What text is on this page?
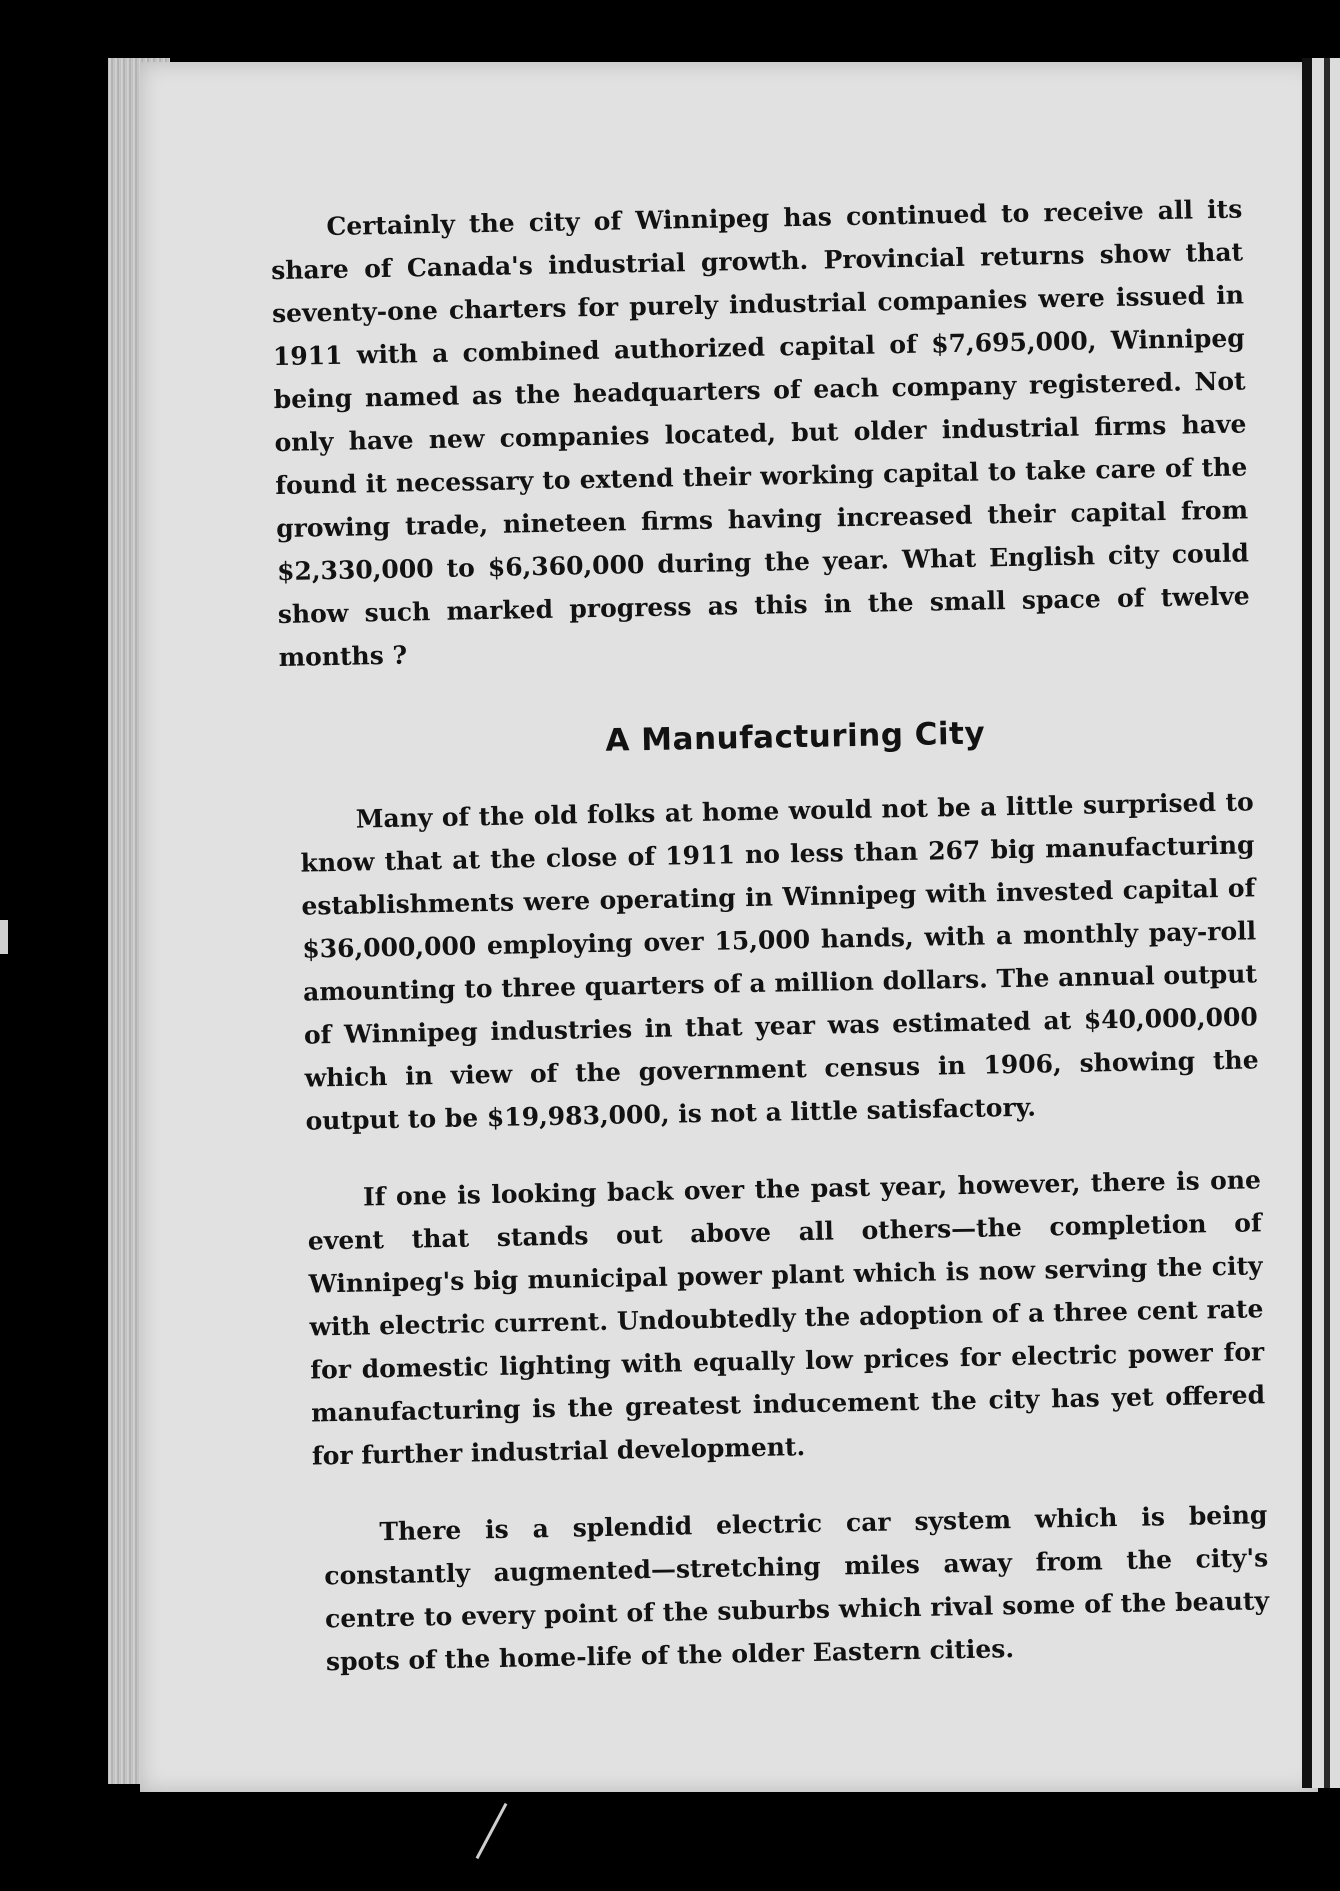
Certainly the city of Winnipeg has continued to receive all its share of Canada's industrial growth. Provincial returns show that seventy-one charters for purely industrial companies were issued in 1911 with a combined authorized capital of $7,695,000, Winnipeg being named as the headquarters of each company registered. Not only have new companies located, but older industrial firms have found it necessary to extend their working capital to take care of the growing trade, nineteen firms having increased their capital from $2,330,000 to $6,360,000 during the year. What English city could show such marked progress as this in the small space of twelve months ?

A Manufacturing City

Many of the old folks at home would not be a little surprised to know that at the close of 1911 no less than 267 big manufacturing establishments were operating in Winnipeg with invested capital of $36,000,000 employing over 15,000 hands, with a monthly pay-roll amounting to three quarters of a million dollars. The annual output of Winnipeg industries in that year was estimated at $40,000,000 which in view of the government census in 1906, showing the output to be $19,983,000, is not a little satisfactory.

If one is looking back over the past year, however, there is one event that stands out above all others—the completion of Winnipeg's big municipal power plant which is now serving the city with electric current. Undoubtedly the adoption of a three cent rate for domestic lighting with equally low prices for electric power for manufacturing is the greatest inducement the city has yet offered for further industrial development.

There is a splendid electric car system which is being constantly augmented—stretching miles away from the city's centre to every point of the suburbs which rival some of the beauty spots of the home-life of the older Eastern cities.
